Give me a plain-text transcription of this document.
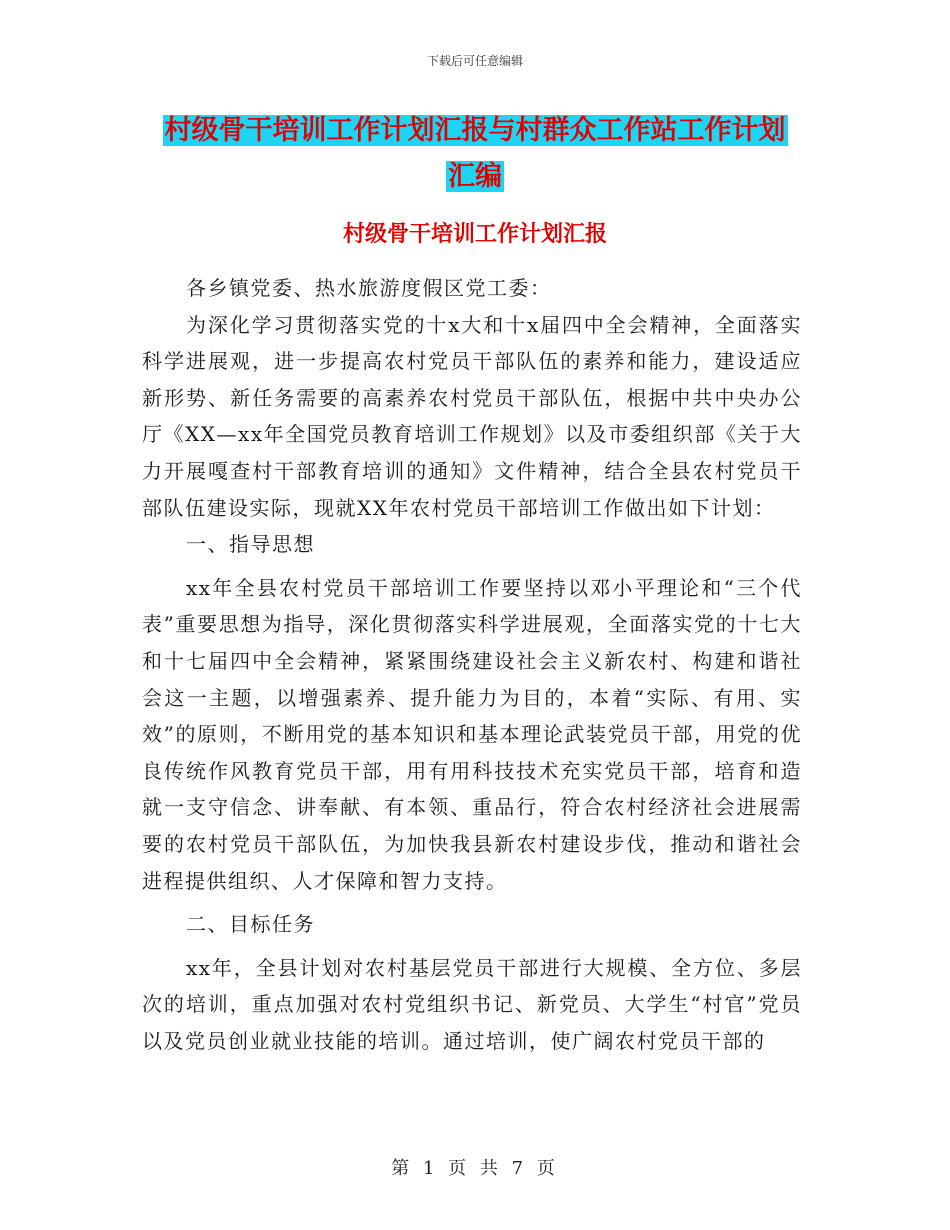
下载后可任意编辑
村级骨干培训工作计划汇报与村群众工作站工作计划
汇编
村级骨干培训工作计划汇报

各乡镇党委、热水旅游度假区党工委：

为深化学习贯彻落实党的十x大和十x届四中全会精神，全面落实科学进展观，进一步提高农村党员干部队伍的素养和能力，建设适应新形势、新任务需要的高素养农村党员干部队伍，根据中共中央办公厅《XX—xx年全国党员教育培训工作规划》以及市委组织部《关于大力开展嘎查村干部教育培训的通知》文件精神，结合全县农村党员干部队伍建设实际，现就XX年农村党员干部培训工作做出如下计划：

一、指导思想

xx年全县农村党员干部培训工作要坚持以邓小平理论和“三个代表”重要思想为指导，深化贯彻落实科学进展观，全面落实党的十七大和十七届四中全会精神，紧紧围绕建设社会主义新农村、构建和谐社会这一主题，以增强素养、提升能力为目的，本着“实际、有用、实效”的原则，不断用党的基本知识和基本理论武装党员干部，用党的优良传统作风教育党员干部，用有用科技技术充实党员干部，培育和造就一支守信念、讲奉献、有本领、重品行，符合农村经济社会进展需要的农村党员干部队伍，为加快我县新农村建设步伐，推动和谐社会进程提供组织、人才保障和智力支持。

二、目标任务

xx年，全县计划对农村基层党员干部进行大规模、全方位、多层次的培训，重点加强对农村党组织书记、新党员、大学生“村官”党员以及党员创业就业技能的培训。通过培训，使广阔农村党员干部的

第 1 页 共 7 页
